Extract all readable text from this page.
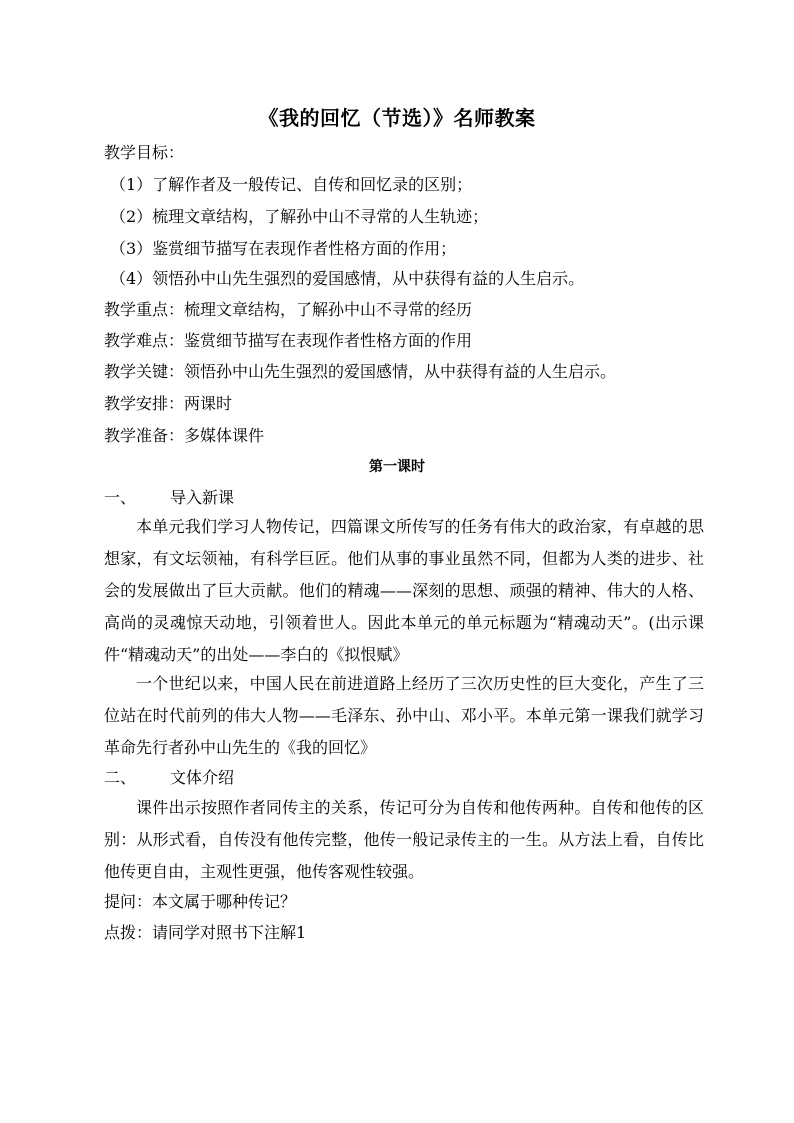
《我的回忆（节选）》名师教案
教学目标：
（1）了解作者及一般传记、自传和回忆录的区别；
（2）梳理文章结构，了解孙中山不寻常的人生轨迹；
（3）鉴赏细节描写在表现作者性格方面的作用；
（4）领悟孙中山先生强烈的爱国感情，从中获得有益的人生启示。
教学重点：梳理文章结构，了解孙中山不寻常的经历
教学难点：鉴赏细节描写在表现作者性格方面的作用
教学关键：领悟孙中山先生强烈的爱国感情，从中获得有益的人生启示。
教学安排：两课时
教学准备：多媒体课件
第一课时
一、 导入新课
本单元我们学习人物传记，四篇课文所传写的任务有伟大的政治家，有卓越的思想家，有文坛领袖，有科学巨匠。他们从事的事业虽然不同，但都为人类的进步、社会的发展做出了巨大贡献。他们的精魂——深刻的思想、顽强的精神、伟大的人格、高尚的灵魂惊天动地，引领着世人。因此本单元的单元标题为“精魂动天”。(出示课件“精魂动天”的出处——李白的《拟恨赋》
一个世纪以来，中国人民在前进道路上经历了三次历史性的巨大变化，产生了三位站在时代前列的伟大人物——毛泽东、孙中山、邓小平。本单元第一课我们就学习革命先行者孙中山先生的《我的回忆》
二、 文体介绍
课件出示按照作者同传主的关系，传记可分为自传和他传两种。自传和他传的区别：从形式看，自传没有他传完整，他传一般记录传主的一生。从方法上看，自传比他传更自由，主观性更强，他传客观性较强。
提问：本文属于哪种传记？
点拨：请同学对照书下注解1
